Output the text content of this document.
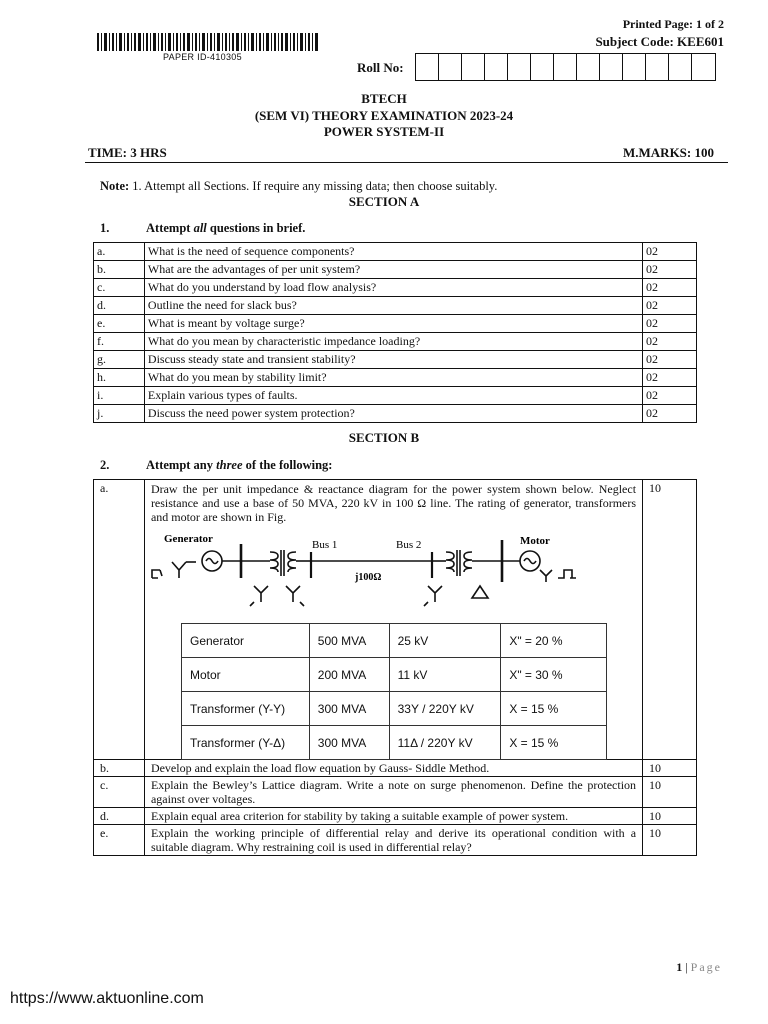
PAPER ID-410305
Printed Page: 1 of 2
Subject Code: KEE601
Roll No:
BTECH
(SEM VI) THEORY EXAMINATION 2023-24
POWER SYSTEM-II
TIME: 3 HRS	M.MARKS: 100
Note: 1. Attempt all Sections. If require any missing data; then choose suitably.
SECTION A
1.	Attempt all questions in brief.
a.	What is the need of sequence components?	02
b.	What are the advantages of per unit system?	02
c.	What do you understand by load flow analysis?	02
d.	Outline the need for slack bus?	02
e.	What is meant by voltage surge?	02
f.	What do you mean by characteristic impedance loading?	02
g.	Discuss steady state and transient stability?	02
h.	What do you mean by stability limit?	02
i.	Explain various types of faults.	02
j.	Discuss the need power system protection?	02
SECTION B
2.	Attempt any three of the following:
a.	Draw the per unit impedance & reactance diagram for the power system shown below. Neglect resistance and use a base of 50 MVA, 220 kV in 100 Ω line. The rating of generator, transformers and motor are shown in Fig.	10
b.	Develop and explain the load flow equation by Gauss- Siddle Method.	10
c.	Explain the Bewley’s Lattice diagram. Write a note on surge phenomenon. Define the protection against over voltages.	10
d.	Explain equal area criterion for stability by taking a suitable example of power system.	10
e.	Explain the working principle of differential relay and derive its operational condition with a suitable diagram. Why restraining coil is used in differential relay?	10
Generator	Motor
Bus 1	Bus 2
j100Ω
Generator	500 MVA	25 kV	X" = 20 %
Motor	200 MVA	11 kV	X" = 30 %
Transformer (Y-Y)	300 MVA	33Y / 220Y kV	X = 15 %
Transformer (Y-Δ)	300 MVA	11Δ / 220Y kV	X = 15 %
1 | Page
https://www.aktuonline.com
